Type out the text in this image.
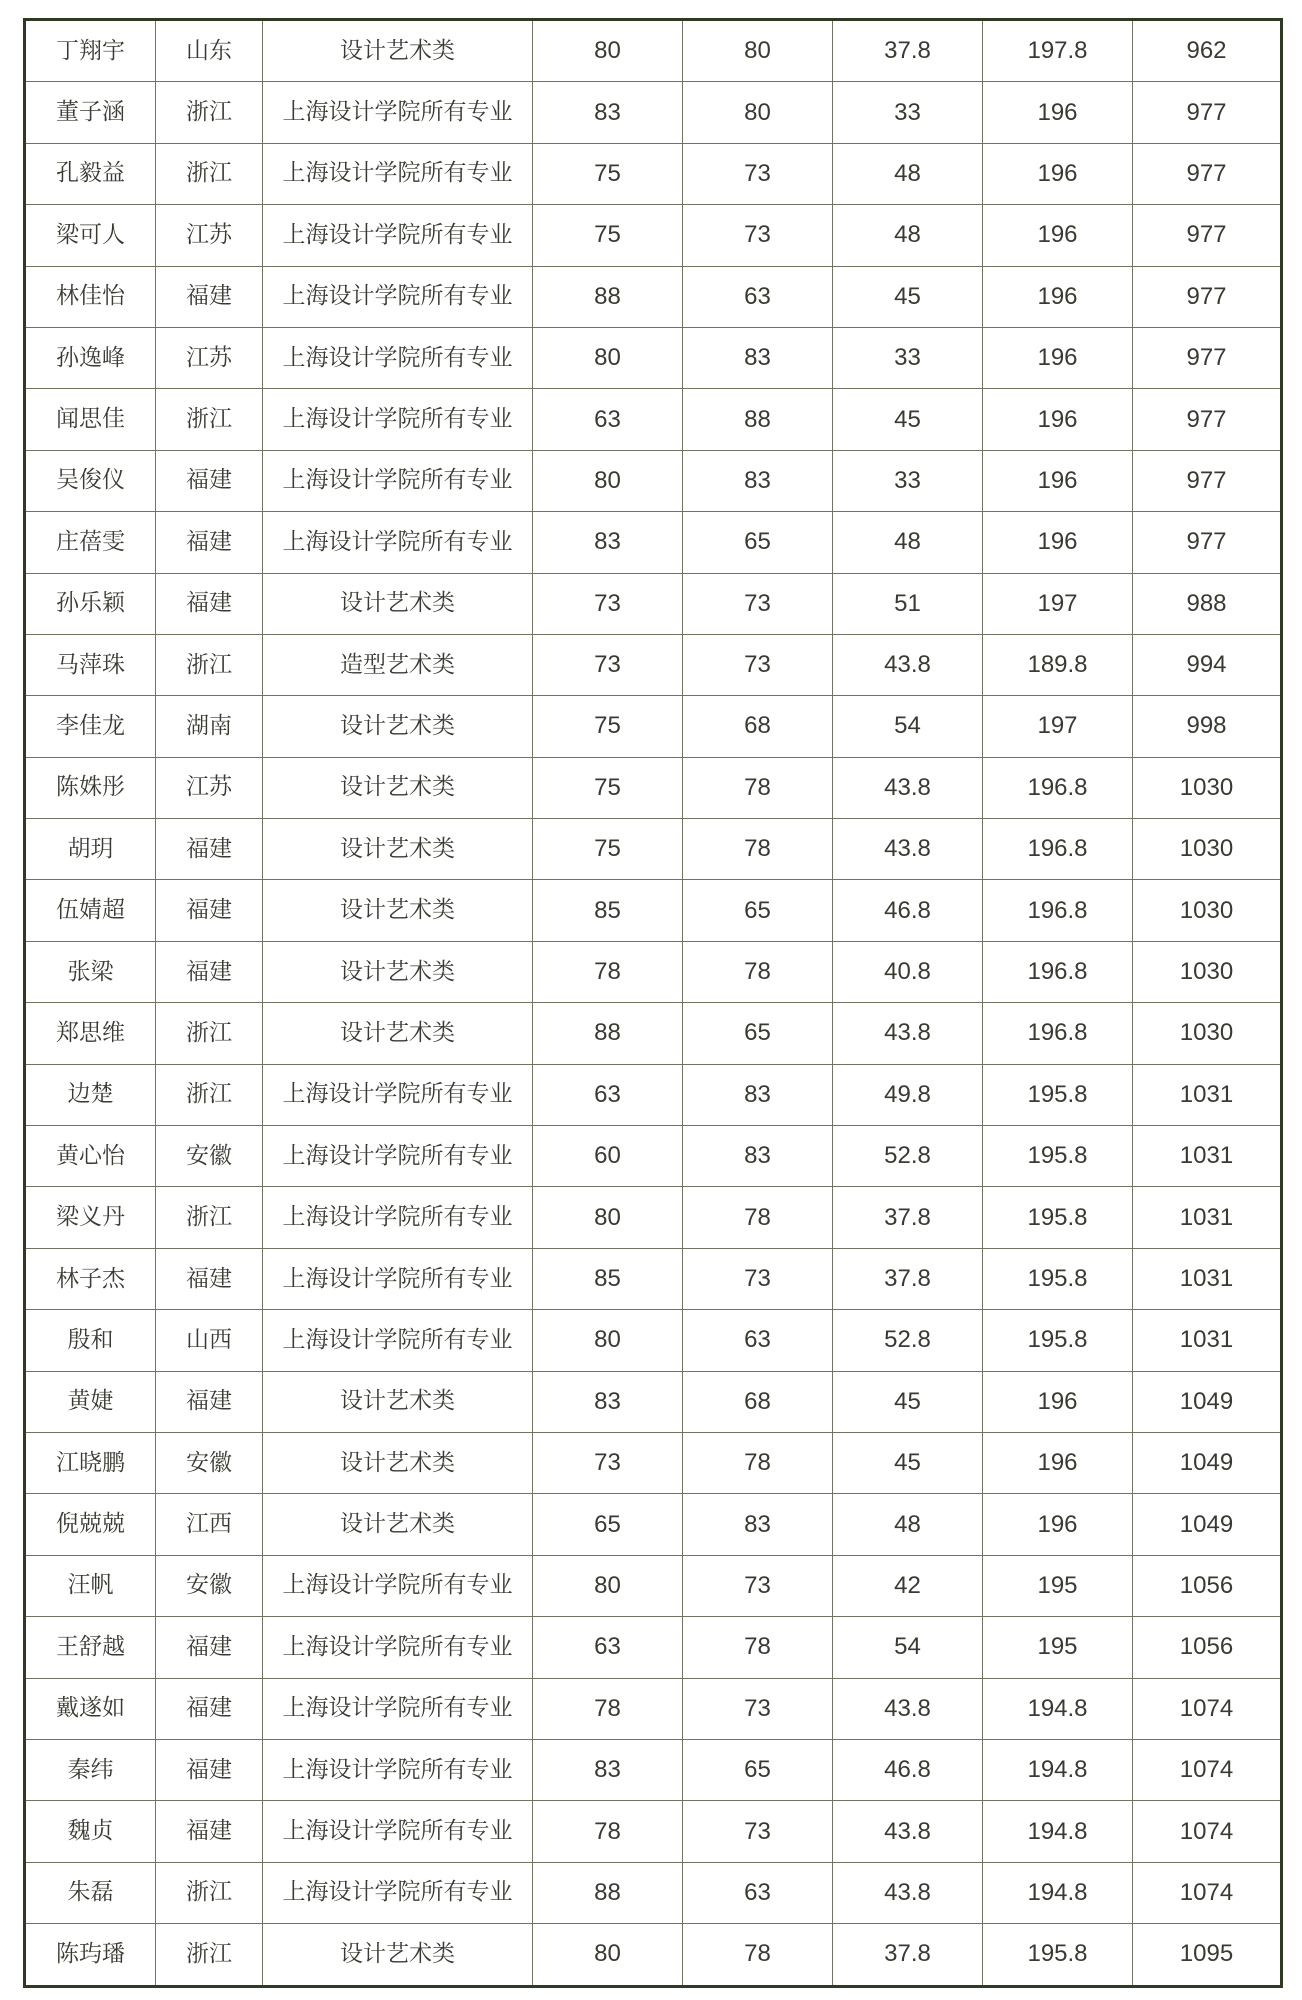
丁翔宇	山东	设计艺术类	80	80	37.8	197.8	962
董子涵	浙江	上海设计学院所有专业	83	80	33	196	977
孔毅益	浙江	上海设计学院所有专业	75	73	48	196	977
梁可人	江苏	上海设计学院所有专业	75	73	48	196	977
林佳怡	福建	上海设计学院所有专业	88	63	45	196	977
孙逸峰	江苏	上海设计学院所有专业	80	83	33	196	977
闻思佳	浙江	上海设计学院所有专业	63	88	45	196	977
吴俊仪	福建	上海设计学院所有专业	80	83	33	196	977
庄蓓雯	福建	上海设计学院所有专业	83	65	48	196	977
孙乐颖	福建	设计艺术类	73	73	51	197	988
马萍珠	浙江	造型艺术类	73	73	43.8	189.8	994
李佳龙	湖南	设计艺术类	75	68	54	197	998
陈姝彤	江苏	设计艺术类	75	78	43.8	196.8	1030
胡玥	福建	设计艺术类	75	78	43.8	196.8	1030
伍婧超	福建	设计艺术类	85	65	46.8	196.8	1030
张梁	福建	设计艺术类	78	78	40.8	196.8	1030
郑思维	浙江	设计艺术类	88	65	43.8	196.8	1030
边楚	浙江	上海设计学院所有专业	63	83	49.8	195.8	1031
黄心怡	安徽	上海设计学院所有专业	60	83	52.8	195.8	1031
梁义丹	浙江	上海设计学院所有专业	80	78	37.8	195.8	1031
林子杰	福建	上海设计学院所有专业	85	73	37.8	195.8	1031
殷和	山西	上海设计学院所有专业	80	63	52.8	195.8	1031
黄婕	福建	设计艺术类	83	68	45	196	1049
江晓鹏	安徽	设计艺术类	73	78	45	196	1049
倪兢兢	江西	设计艺术类	65	83	48	196	1049
汪帆	安徽	上海设计学院所有专业	80	73	42	195	1056
王舒越	福建	上海设计学院所有专业	63	78	54	195	1056
戴遂如	福建	上海设计学院所有专业	78	73	43.8	194.8	1074
秦纬	福建	上海设计学院所有专业	83	65	46.8	194.8	1074
魏贞	福建	上海设计学院所有专业	78	73	43.8	194.8	1074
朱磊	浙江	上海设计学院所有专业	88	63	43.8	194.8	1074
陈玙璠	浙江	设计艺术类	80	78	37.8	195.8	1095
